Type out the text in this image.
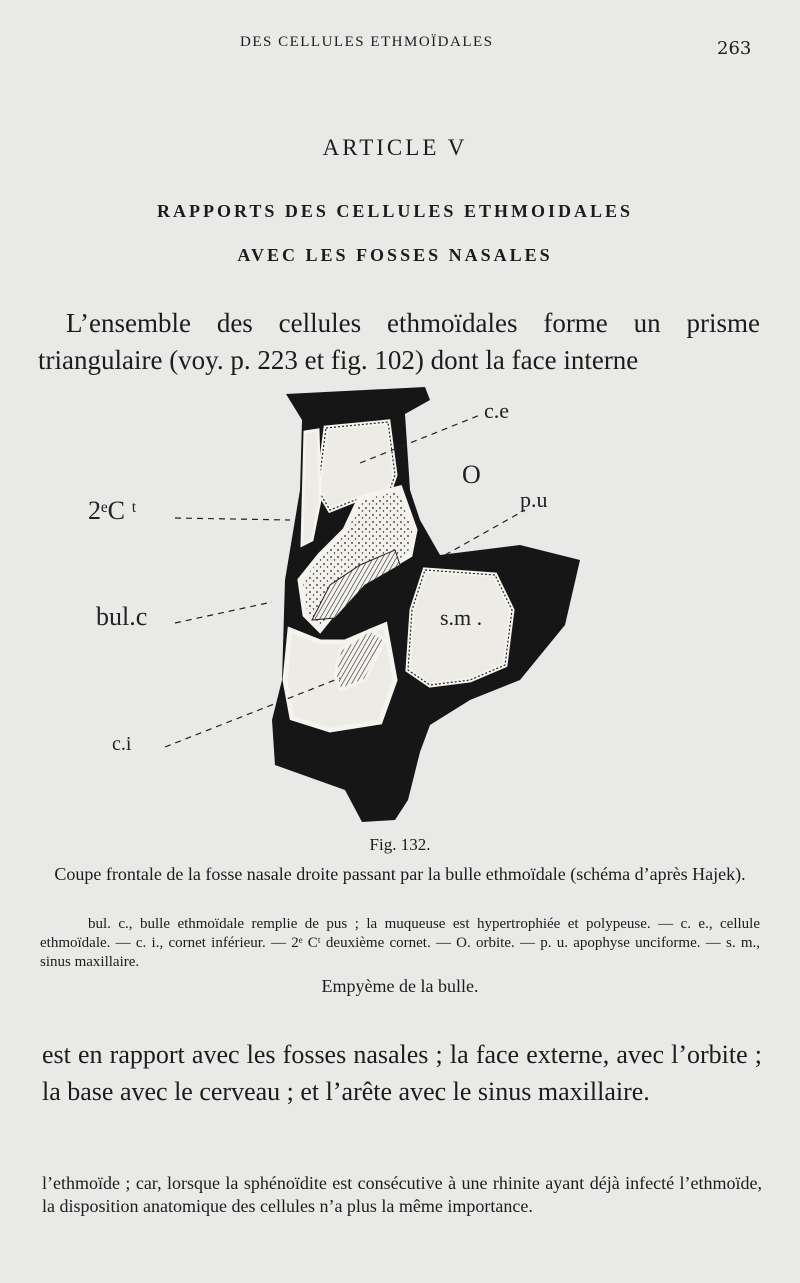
DES CELLULES ETHMOÏDALES	263
ARTICLE V
RAPPORTS DES CELLULES ETHMOIDALES
AVEC LES FOSSES NASALES
L’ensemble des cellules ethmoïdales forme un prisme triangulaire (voy. p. 223 et fig. 102) dont la face interne
c.e
O
p.u
2ᵉC ᵗ
bul.c	s.m .
c.i
Fig. 132.
Coupe frontale de la fosse nasale droite passant par la bulle ethmoïdale (schéma d’après Hajek).
bul. c., bulle ethmoïdale remplie de pus ; la muqueuse est hypertrophiée et polypeuse. — c. e., cellule ethmoïdale. — c. i., cornet inférieur. — 2ᵉ Cᵗ deuxième cornet. — O. orbite. — p. u. apophyse unciforme. — s. m., sinus maxillaire.
Empyème de la bulle.
est en rapport avec les fosses nasales ; la face externe, avec l’orbite ; la base avec le cerveau ; et l’arête avec le sinus maxillaire.
l’ethmoïde ; car, lorsque la sphénoïdite est consécutive à une rhinite ayant déjà infecté l’ethmoïde, la disposition anatomique des cellules n’a plus la même importance.
